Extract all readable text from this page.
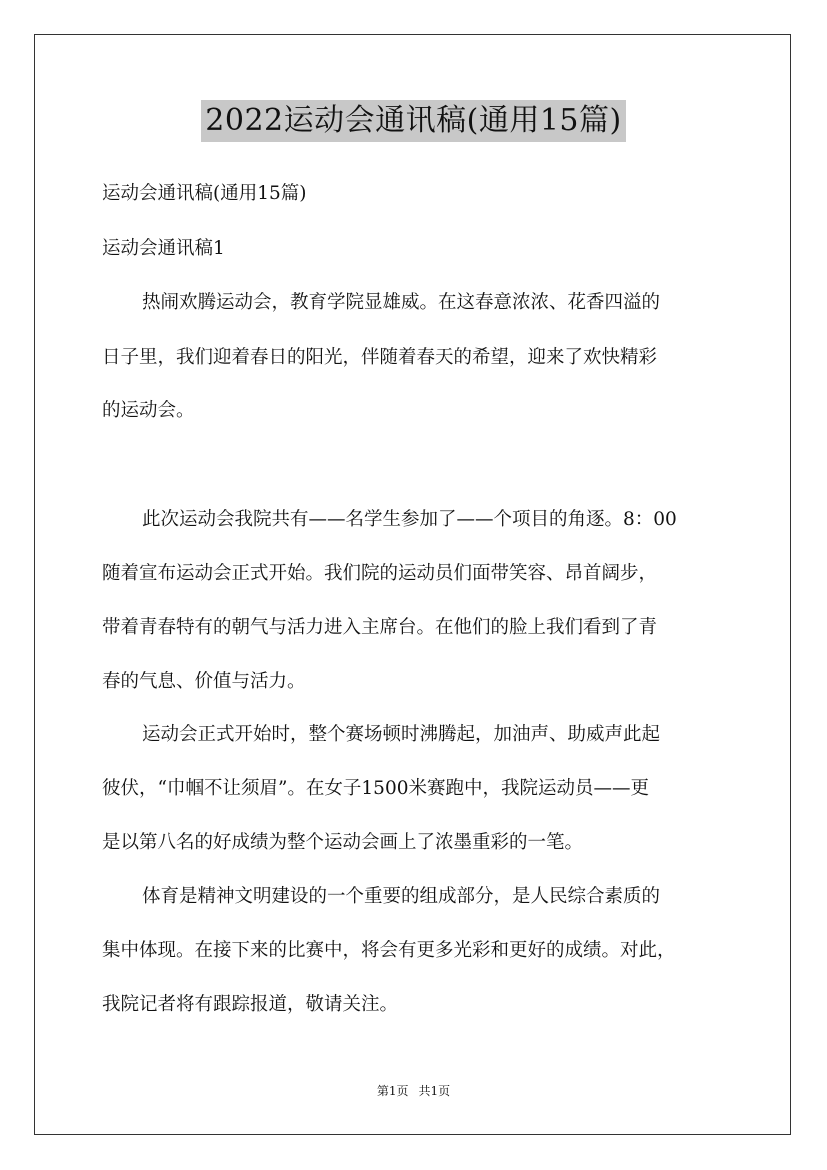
2022运动会通讯稿(通用15篇)
运动会通讯稿(通用15篇)
运动会通讯稿1
热闹欢腾运动会，教育学院显雄威。在这春意浓浓、花香四溢的
日子里，我们迎着春日的阳光，伴随着春天的希望，迎来了欢快精彩
的运动会。
此次运动会我院共有——名学生参加了——个项目的角逐。8：00
随着宣布运动会正式开始。我们院的运动员们面带笑容、昂首阔步，
带着青春特有的朝气与活力进入主席台。在他们的脸上我们看到了青
春的气息、价值与活力。
运动会正式开始时，整个赛场顿时沸腾起，加油声、助威声此起
彼伏，“巾帼不让须眉”。在女子1500米赛跑中，我院运动员——更
是以第八名的好成绩为整个运动会画上了浓墨重彩的一笔。
体育是精神文明建设的一个重要的组成部分，是人民综合素质的
集中体现。在接下来的比赛中，将会有更多光彩和更好的成绩。对此，
我院记者将有跟踪报道，敬请关注。
第1页 共1页
